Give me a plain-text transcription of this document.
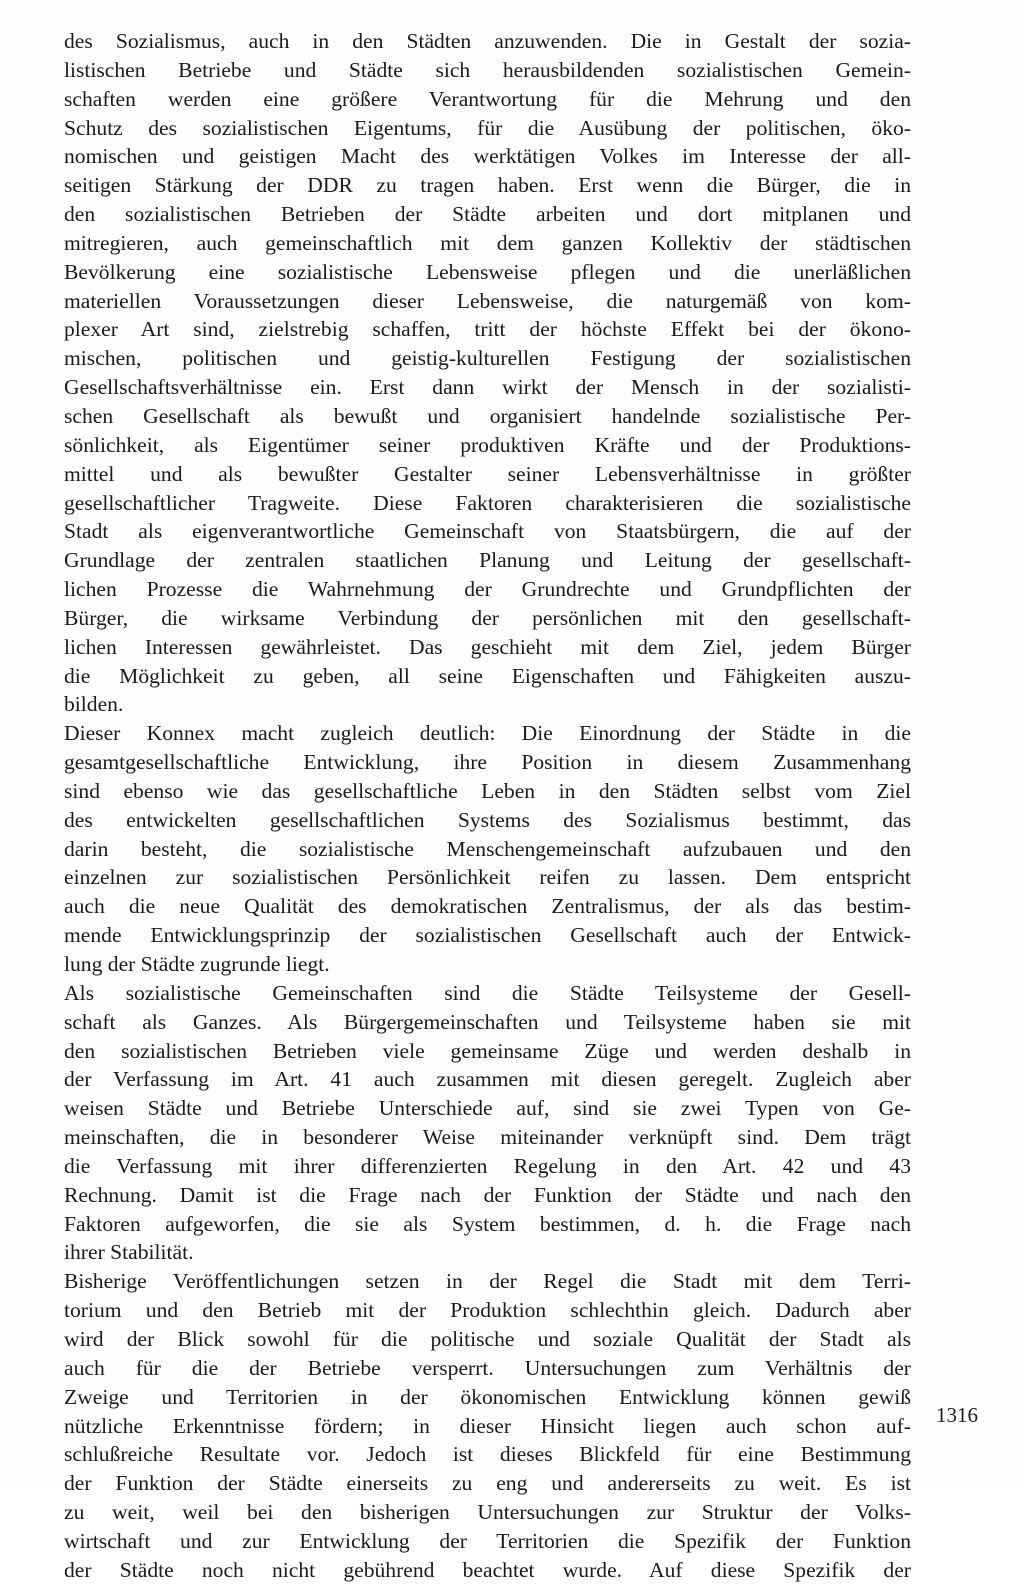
des Sozialismus, auch in den Städten anzuwenden. Die in Gestalt der sozia-
listischen Betriebe und Städte sich herausbildenden sozialistischen Gemein-
schaften werden eine größere Verantwortung für die Mehrung und den
Schutz des sozialistischen Eigentums, für die Ausübung der politischen, öko-
nomischen und geistigen Macht des werktätigen Volkes im Interesse der all-
seitigen Stärkung der DDR zu tragen haben. Erst wenn die Bürger, die in
den sozialistischen Betrieben der Städte arbeiten und dort mitplanen und
mitregieren, auch gemeinschaftlich mit dem ganzen Kollektiv der städtischen
Bevölkerung eine sozialistische Lebensweise pflegen und die unerläßlichen
materiellen Voraussetzungen dieser Lebensweise, die naturgemäß von kom-
plexer Art sind, zielstrebig schaffen, tritt der höchste Effekt bei der ökono-
mischen, politischen und geistig-kulturellen Festigung der sozialistischen
Gesellschaftsverhältnisse ein. Erst dann wirkt der Mensch in der sozialisti-
schen Gesellschaft als bewußt und organisiert handelnde sozialistische Per-
sönlichkeit, als Eigentümer seiner produktiven Kräfte und der Produktions-
mittel und als bewußter Gestalter seiner Lebensverhältnisse in größter
gesellschaftlicher Tragweite. Diese Faktoren charakterisieren die sozialistische
Stadt als eigenverantwortliche Gemeinschaft von Staatsbürgern, die auf der
Grundlage der zentralen staatlichen Planung und Leitung der gesellschaft-
lichen Prozesse die Wahrnehmung der Grundrechte und Grundpflichten der
Bürger, die wirksame Verbindung der persönlichen mit den gesellschaft-
lichen Interessen gewährleistet. Das geschieht mit dem Ziel, jedem Bürger
die Möglichkeit zu geben, all seine Eigenschaften und Fähigkeiten auszu-
bilden.
Dieser Konnex macht zugleich deutlich: Die Einordnung der Städte in die
gesamtgesellschaftliche Entwicklung, ihre Position in diesem Zusammenhang
sind ebenso wie das gesellschaftliche Leben in den Städten selbst vom Ziel
des entwickelten gesellschaftlichen Systems des Sozialismus bestimmt, das
darin besteht, die sozialistische Menschengemeinschaft aufzubauen und den
einzelnen zur sozialistischen Persönlichkeit reifen zu lassen. Dem entspricht
auch die neue Qualität des demokratischen Zentralismus, der als das bestim-
mende Entwicklungsprinzip der sozialistischen Gesellschaft auch der Entwick-
lung der Städte zugrunde liegt.
Als sozialistische Gemeinschaften sind die Städte Teilsysteme der Gesell-
schaft als Ganzes. Als Bürgergemeinschaften und Teilsysteme haben sie mit
den sozialistischen Betrieben viele gemeinsame Züge und werden deshalb in
der Verfassung im Art. 41 auch zusammen mit diesen geregelt. Zugleich aber
weisen Städte und Betriebe Unterschiede auf, sind sie zwei Typen von Ge-
meinschaften, die in besonderer Weise miteinander verknüpft sind. Dem trägt
die Verfassung mit ihrer differenzierten Regelung in den Art. 42 und 43
Rechnung. Damit ist die Frage nach der Funktion der Städte und nach den
Faktoren aufgeworfen, die sie als System bestimmen, d. h. die Frage nach
ihrer Stabilität.
Bisherige Veröffentlichungen setzen in der Regel die Stadt mit dem Terri-
torium und den Betrieb mit der Produktion schlechthin gleich. Dadurch aber
wird der Blick sowohl für die politische und soziale Qualität der Stadt als
auch für die der Betriebe versperrt. Untersuchungen zum Verhältnis der
Zweige und Territorien in der ökonomischen Entwicklung können gewiß
nützliche Erkenntnisse fördern; in dieser Hinsicht liegen auch schon auf-
schlußreiche Resultate vor. Jedoch ist dieses Blickfeld für eine Bestimmung
der Funktion der Städte einerseits zu eng und andererseits zu weit. Es ist
zu weit, weil bei den bisherigen Untersuchungen zur Struktur der Volks-
wirtschaft und zur Entwicklung der Territorien die Spezifik der Funktion
der Städte noch nicht gebührend beachtet wurde. Auf diese Spezifik der
1316
